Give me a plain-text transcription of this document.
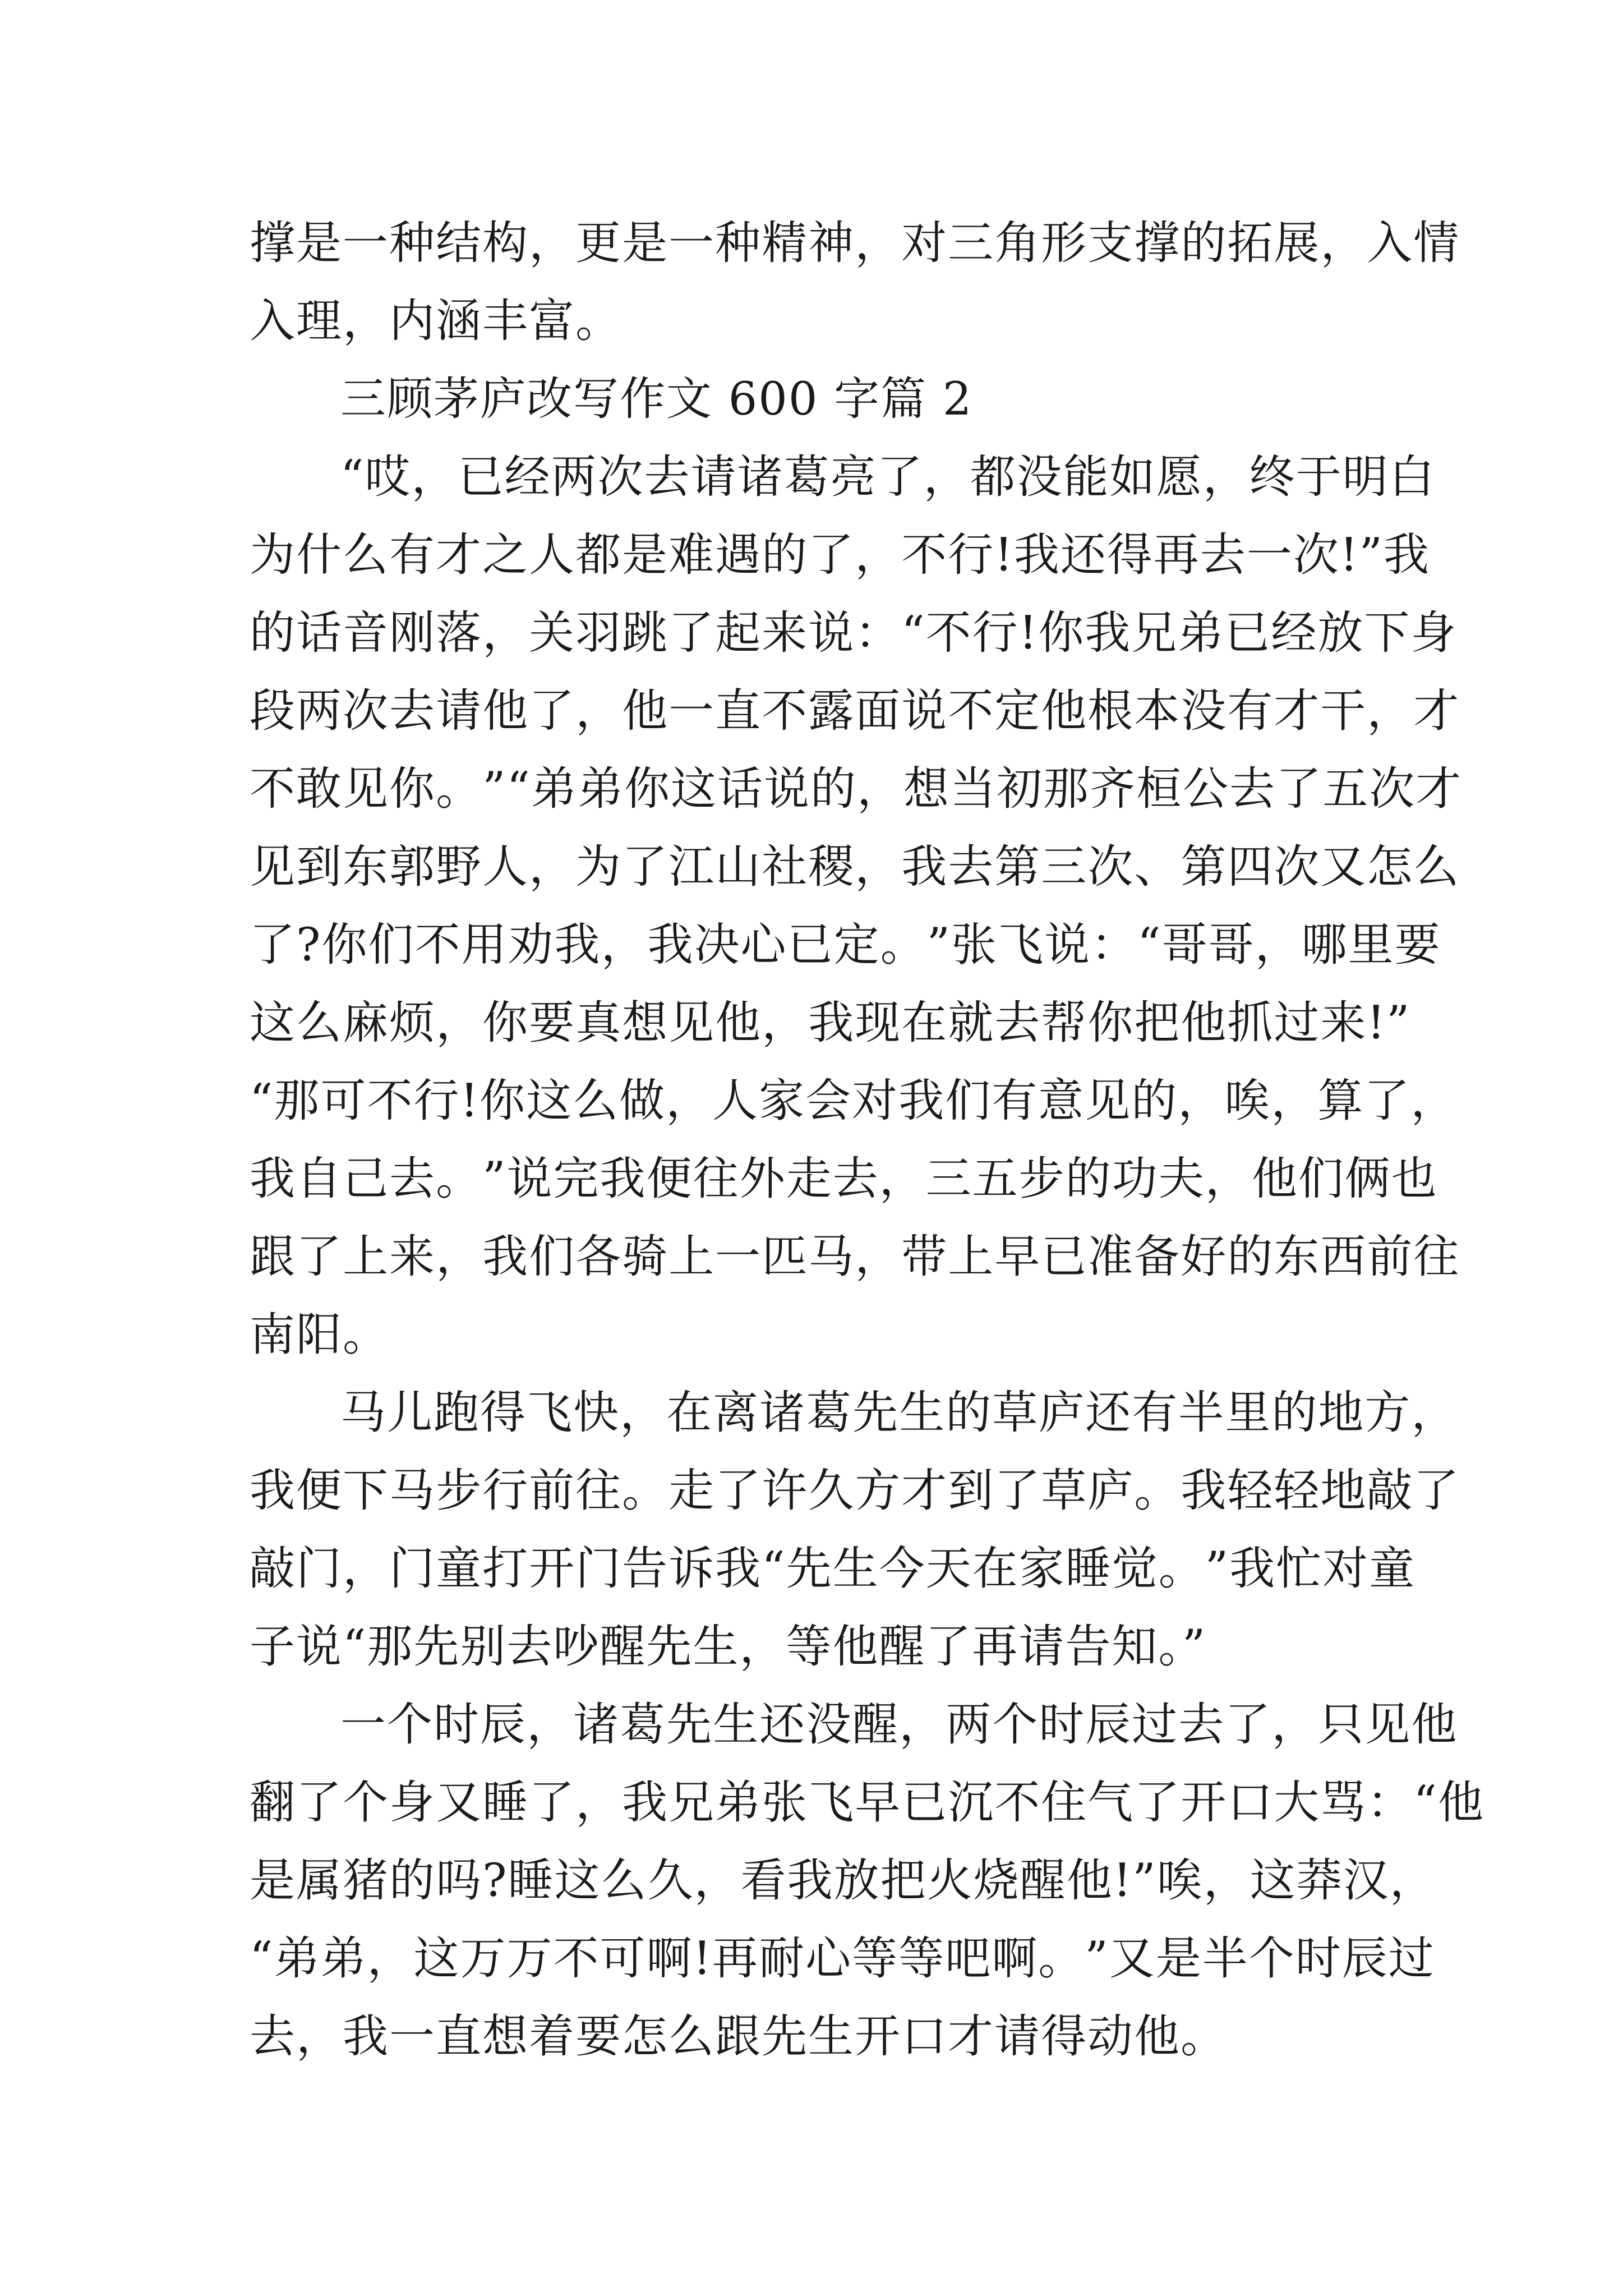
撑 是 一 种 结 构 ， 更 是 一 种 精 神 ， 对 三 角 形 支 撑 的 拓 展 ， 入 情
入理，内涵丰富。
三顾茅庐改写作文 600 字篇 2
“ 哎 ， 已 经 两 次 去 请 诸 葛 亮 了 ， 都 没 能 如 愿 ， 终 于 明 白
为 什 么 有 才 之 人 都 是 难 遇 的 了 ， 不 行 ! 我 还 得 再 去 一 次 ! ” 我
的 话 音 刚 落 ， 关 羽 跳 了 起 来 说 ： “ 不 行 ! 你 我 兄 弟 已 经 放 下 身
段 两 次 去 请 他 了 ， 他 一 直 不 露 面 说 不 定 他 根 本 没 有 才 干 ， 才
不 敢 见 你 。 ” “ 弟 弟 你 这 话 说 的 ， 想 当 初 那 齐 桓 公 去 了 五 次 才
见 到 东 郭 野 人 ， 为 了 江 山 社 稷 ， 我 去 第 三 次 、 第 四 次 又 怎 么
了 ? 你 们 不 用 劝 我 ， 我 决 心 已 定 。 ” 张 飞 说 ： “ 哥 哥 ， 哪 里 要
这 么 麻 烦 ， 你 要 真 想 见 他 ， 我 现 在 就 去 帮 你 把 他 抓 过 来 ! ”
“ 那 可 不 行 ! 你 这 么 做 ， 人 家 会 对 我 们 有 意 见 的 ， 唉 ， 算 了 ，
我 自 己 去 。 ” 说 完 我 便 往 外 走 去 ， 三 五 步 的 功 夫 ， 他 们 俩 也
跟 了 上 来 ， 我 们 各 骑 上 一 匹 马 ， 带 上 早 已 准 备 好 的 东 西 前 往
南阳。
马 儿 跑 得 飞 快 ， 在 离 诸 葛 先 生 的 草 庐 还 有 半 里 的 地 方 ，
我 便 下 马 步 行 前 往 。 走 了 许 久 方 才 到 了 草 庐 。 我 轻 轻 地 敲 了
敲 门 ， 门 童 打 开 门 告 诉 我 “ 先 生 今 天 在 家 睡 觉 。 ” 我 忙 对 童
子说“那先别去吵醒先生，等他醒了再请告知。”
一 个 时 辰 ， 诸 葛 先 生 还 没 醒 ， 两 个 时 辰 过 去 了 ， 只 见 他
翻 了 个 身 又 睡 了 ， 我 兄 弟 张 飞 早 已 沉 不 住 气 了 开 口 大 骂 ： “ 他
是 属 猪 的 吗 ? 睡 这 么 久 ， 看 我 放 把 火 烧 醒 他 ! ” 唉 ， 这 莽 汉 ，
“ 弟 弟 ， 这 万 万 不 可 啊 ! 再 耐 心 等 等 吧 啊 。 ” 又 是 半 个 时 辰 过
去，我一直想着要怎么跟先生开口才请得动他。
